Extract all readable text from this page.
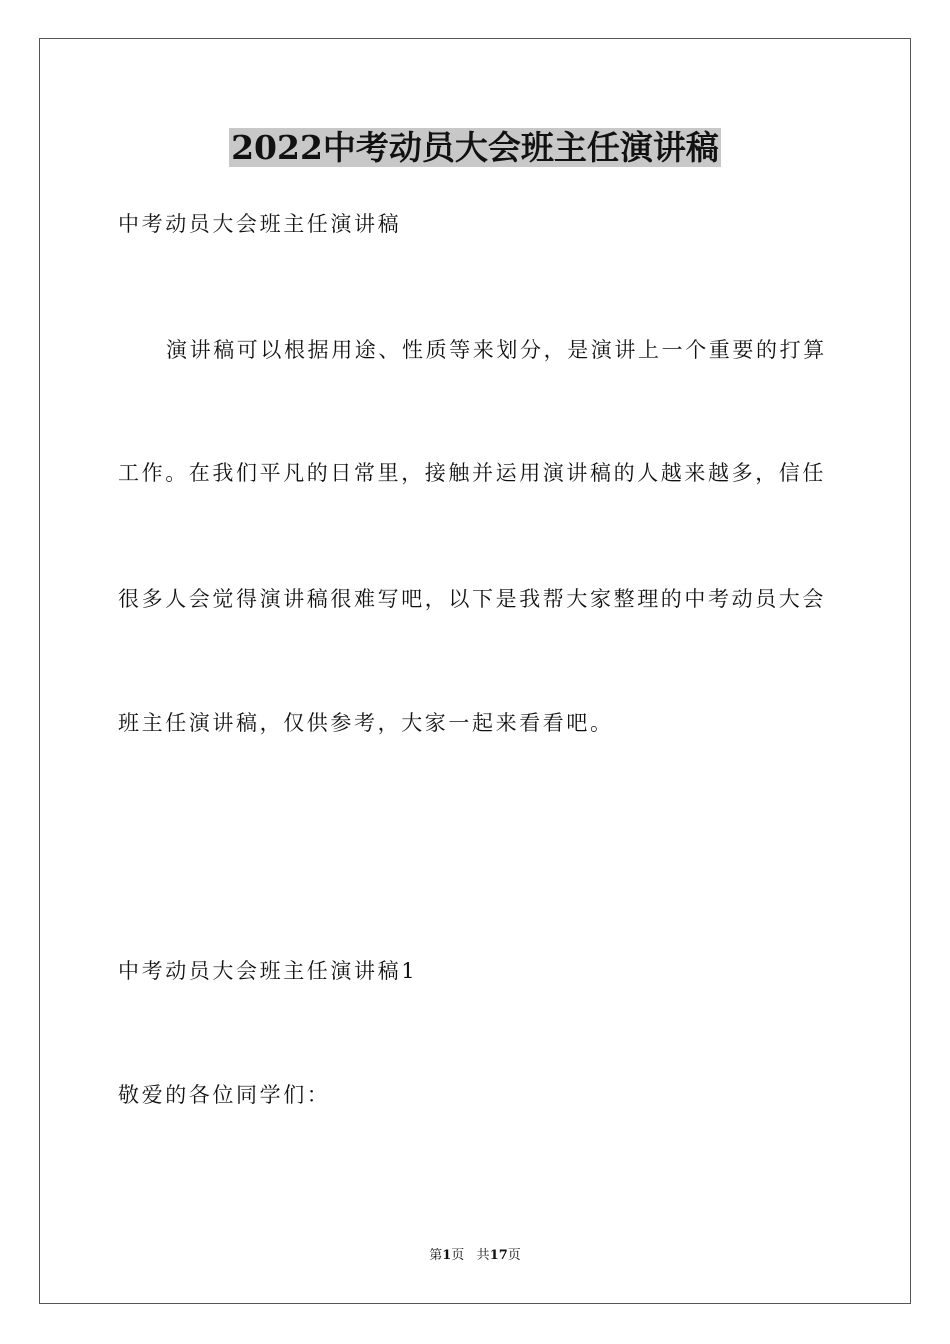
2022中考动员大会班主任演讲稿
中考动员大会班主任演讲稿
演讲稿可以根据用途、性质等来划分，是演讲上一个重要的打算
工作。在我们平凡的日常里，接触并运用演讲稿的人越来越多，信任
很多人会觉得演讲稿很难写吧，以下是我帮大家整理的中考动员大会
班主任演讲稿，仅供参考，大家一起来看看吧。
中考动员大会班主任演讲稿1
敬爱的各位同学们：
第1页 共17页
